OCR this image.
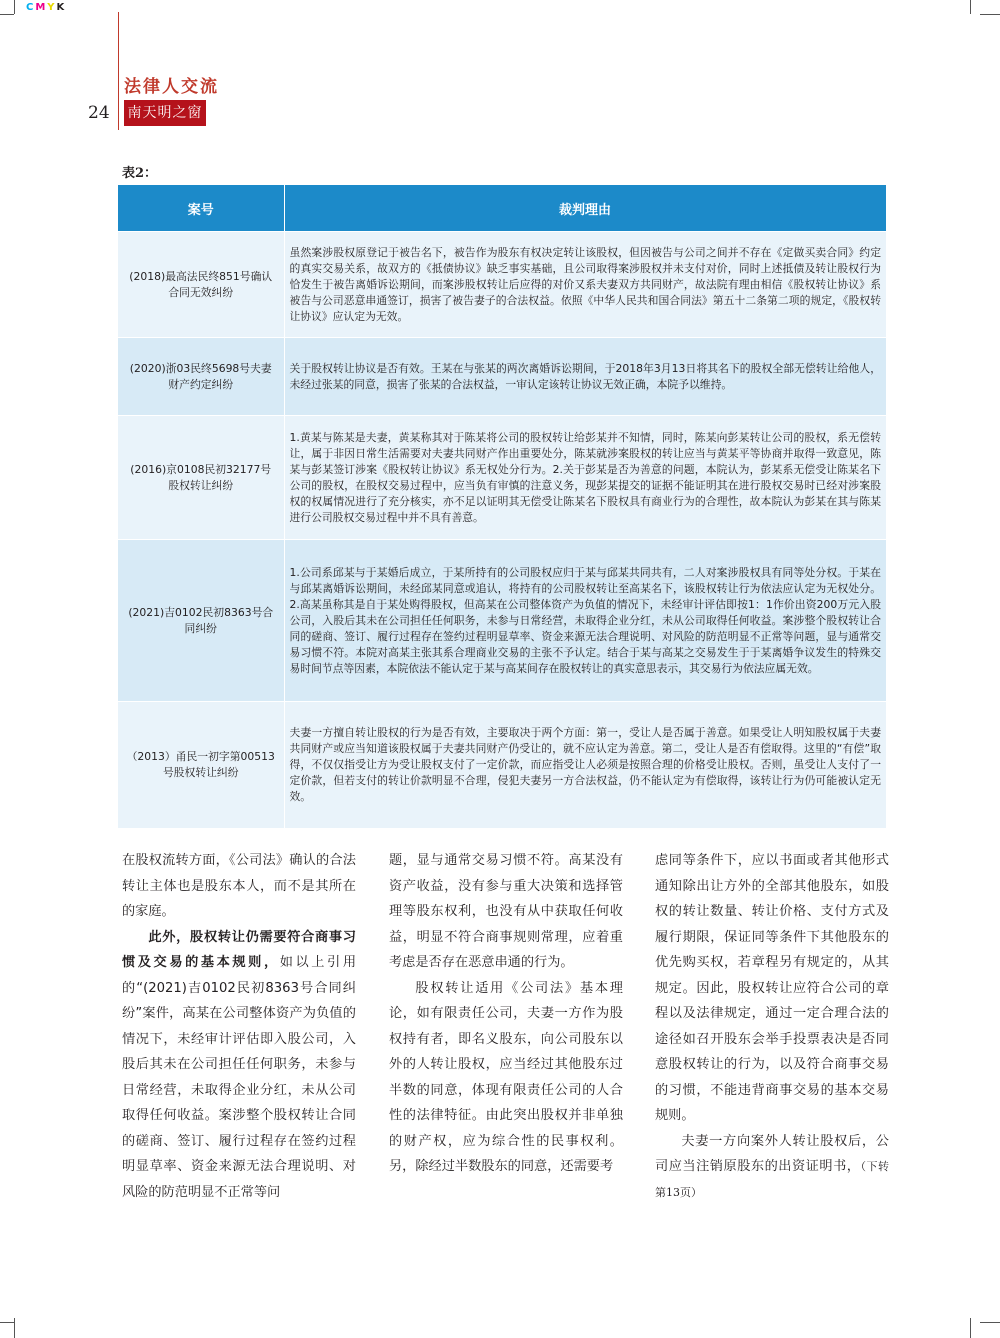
CMYK
法律人交流
24 南天明之窗
表2：
案号	裁判理由
(2018)最高法民终851号确认合同无效纠纷	虽然案涉股权原登记于被告名下，被告作为股东有权决定转让该股权，但因被告与公司之间并不存在《定做买卖合同》约定的真实交易关系，故双方的《抵债协议》缺乏事实基础，且公司取得案涉股权并未支付对价，同时上述抵债及转让股权行为恰发生于被告离婚诉讼期间，而案涉股权转让后应得的对价又系夫妻双方共同财产，故法院有理由相信《股权转让协议》系被告与公司恶意串通签订，损害了被告妻子的合法权益。依照《中华人民共和国合同法》第五十二条第二项的规定，《股权转让协议》应认定为无效。
(2020)浙03民终5698号夫妻财产约定纠纷	关于股权转让协议是否有效。王某在与张某的两次离婚诉讼期间，于2018年3月13日将其名下的股权全部无偿转让给他人，未经过张某的同意，损害了张某的合法权益，一审认定该转让协议无效正确，本院予以维持。
(2016)京0108民初32177号股权转让纠纷	1.黄某与陈某是夫妻，黄某称其对于陈某将公司的股权转让给彭某并不知情，同时，陈某向彭某转让公司的股权，系无偿转让，属于非因日常生活需要对夫妻共同财产作出重要处分，陈某就涉案股权的转让应当与黄某平等协商并取得一致意见，陈某与彭某签订涉案《股权转让协议》系无权处分行为。2.关于彭某是否为善意的问题，本院认为，彭某系无偿受让陈某名下公司的股权，在股权交易过程中，应当负有审慎的注意义务，现彭某提交的证据不能证明其在进行股权交易时已经对涉案股权的权属情况进行了充分核实，亦不足以证明其无偿受让陈某名下股权具有商业行为的合理性，故本院认为彭某在其与陈某进行公司股权交易过程中并不具有善意。
(2021)吉0102民初8363号合同纠纷	1.公司系邱某与于某婚后成立，于某所持有的公司股权应归于某与邱某共同共有，二人对案涉股权具有同等处分权。于某在与邱某离婚诉讼期间，未经邱某同意或追认，将持有的公司股权转让至高某名下，该股权转让行为依法应认定为无权处分。2.高某虽称其是自于某处购得股权，但高某在公司整体资产为负值的情况下，未经审计评估即按1：1作价出资200万元入股公司，入股后其未在公司担任任何职务，未参与日常经营，未取得企业分红，未从公司取得任何收益。案涉整个股权转让合同的磋商、签订、履行过程存在签约过程明显草率、资金来源无法合理说明、对风险的防范明显不正常等问题，显与通常交易习惯不符。本院对高某主张其系合理商业交易的主张不予认定。结合于某与高某之交易发生于于某离婚争议发生的特殊交易时间节点等因素，本院依法不能认定于某与高某间存在股权转让的真实意思表示，其交易行为依法应属无效。
（2013）甬民一初字第00513号股权转让纠纷	夫妻一方擅自转让股权的行为是否有效，主要取决于两个方面：第一，受让人是否属于善意。如果受让人明知股权属于夫妻共同财产或应当知道该股权属于夫妻共同财产仍受让的，就不应认定为善意。第二，受让人是否有偿取得。这里的“有偿”取得，不仅仅指受让方为受让股权支付了一定价款，而应指受让人必须是按照合理的价格受让股权。否则，虽受让人支付了一定价款，但若支付的转让价款明显不合理，侵犯夫妻另一方合法权益，仍不能认定为有偿取得，该转让行为仍可能被认定无效。

在股权流转方面，《公司法》确认的合法转让主体也是股东本人，而不是其所在的家庭。

此外，股权转让仍需要符合商事习惯及交易的基本规则，如以上引用的“(2021)吉0102民初8363号合同纠纷”案件，高某在公司整体资产为负值的情况下，未经审计评估即入股公司，入股后其未在公司担任任何职务，未参与日常经营，未取得企业分红，未从公司取得任何收益。案涉整个股权转让合同的磋商、签订、履行过程存在签约过程明显草率、资金来源无法合理说明、对风险的防范明显不正常等问

题，显与通常交易习惯不符。高某没有资产收益，没有参与重大决策和选择管理等股东权利，也没有从中获取任何收益，明显不符合商事规则常理，应着重考虑是否存在恶意串通的行为。

股权转让适用《公司法》基本理论，如有限责任公司，夫妻一方作为股权持有者，即名义股东，向公司股东以外的人转让股权，应当经过其他股东过半数的同意，体现有限责任公司的人合性的法律特征。由此突出股权并非单独的财产权，应为综合性的民事权利。另，除经过半数股东的同意，还需要考

虑同等条件下，应以书面或者其他形式通知除出让方外的全部其他股东，如股权的转让数量、转让价格、支付方式及履行期限，保证同等条件下其他股东的优先购买权，若章程另有规定的，从其规定。因此，股权转让应符合公司的章程以及法律规定，通过一定合理合法的途径如召开股东会举手投票表决是否同意股权转让的行为，以及符合商事交易的习惯，不能违背商事交易的基本交易规则。

夫妻一方向案外人转让股权后，公司应当注销原股东的出资证明书，（下转第13页）
